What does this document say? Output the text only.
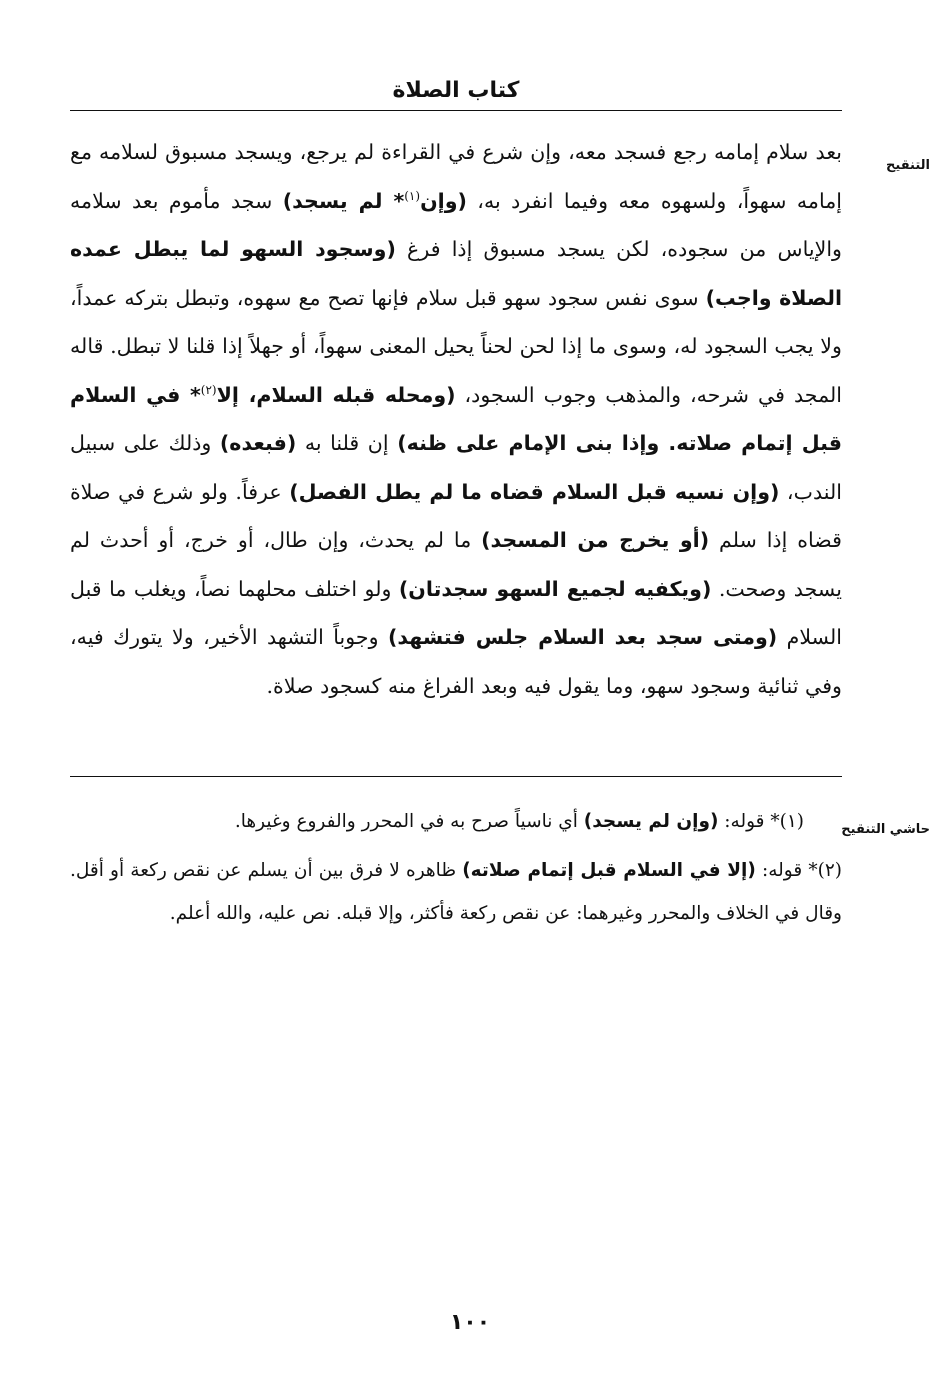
كتاب الصلاة
التنقيح
حاشي التنقيح
بعد سلام إمامه رجع فسجد معه، وإن شرع في القراءة لم يرجع، ويسجد مسبوق لسلامه مع إمامه سهواً، ولسهوه معه وفيما انفرد به، (وإن$^{(١)}$* لم يسجد) سجد مأموم بعد سلامه والإياس من سجوده، لكن يسجد مسبوق إذا فرغ (وسجود السهو لما يبطل عمده الصلاة واجب) سوى نفس سجود سهو قبل سلام فإنها تصح مع سهوه، وتبطل بتركه عمداً، ولا يجب السجود له، وسوى ما إذا لحن لحناً يحيل المعنى سهواً، أو جهلاً إذا قلنا لا تبطل. قاله المجد في شرحه، والمذهب وجوب السجود، (ومحله قبله السلام، إلا$^{(٢)}$* في السلام قبل إتمام صلاته. وإذا بنى الإمام على ظنه) إن قلنا به (فبعده) وذلك على سبيل الندب، (وإن نسيه قبل السلام قضاه ما لم يطل الفصل) عرفاً. ولو شرع في صلاة قضاه إذا سلم (أو يخرج من المسجد) ما لم يحدث، وإن طال، أو خرج، أو أحدث لم يسجد وصحت. (ويكفيه لجميع السهو سجدتان) ولو اختلف محلهما نصاً، ويغلب ما قبل السلام (ومتى سجد بعد السلام جلس فتشهد) وجوباً التشهد الأخير، ولا يتورك فيه، وفي ثنائية وسجود سهو، وما يقول فيه وبعد الفراغ منه كسجود صلاة.

(١)* قوله: (وإن لم يسجد) أي ناسياً صرح به في المحرر والفروع وغيرها.

(٢)* قوله: (إلا في السلام قبل إتمام صلاته) ظاهره لا فرق بين أن يسلم عن نقص ركعة أو أقل. وقال في الخلاف والمحرر وغيرهما: عن نقص ركعة فأكثر، وإلا قبله. نص عليه، والله أعلم.

١٠٠
